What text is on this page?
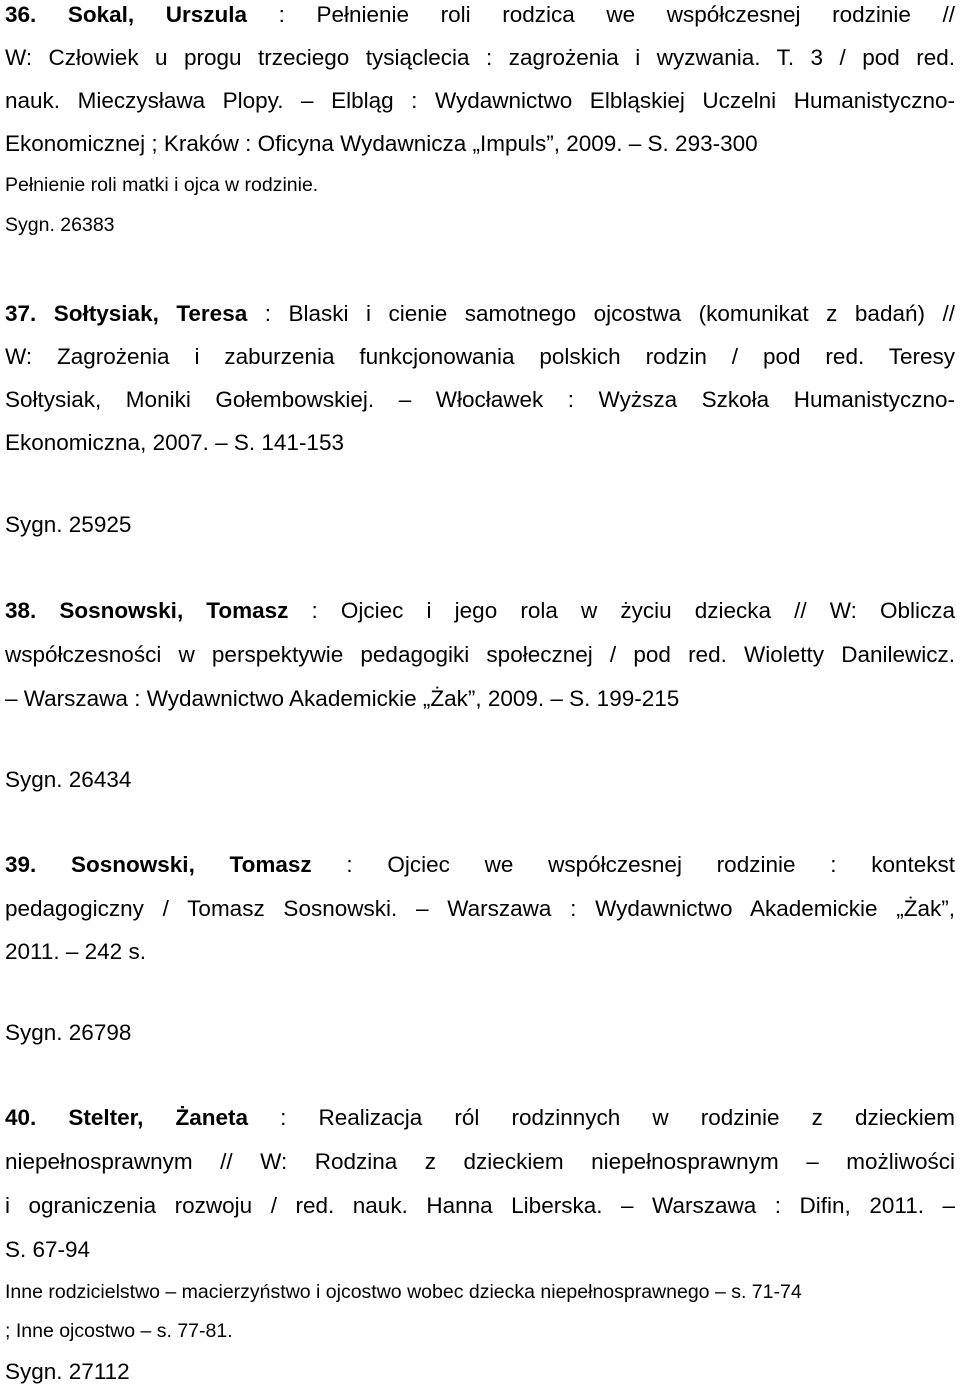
36. Sokal, Urszula : Pełnienie roli rodzica we współczesnej rodzinie //
W: Człowiek u progu trzeciego tysiąclecia : zagrożenia i wyzwania. T. 3 / pod red.
nauk. Mieczysława Plopy. – Elbląg : Wydawnictwo Elbląskiej Uczelni Humanistyczno-
Ekonomicznej ; Kraków : Oficyna Wydawnicza „Impuls”, 2009. – S. 293-300
Pełnienie roli matki i ojca w rodzinie.
Sygn. 26383
37. Sołtysiak, Teresa : Blaski i cienie samotnego ojcostwa (komunikat z badań) //
W: Zagrożenia i zaburzenia funkcjonowania polskich rodzin / pod red. Teresy
Sołtysiak, Moniki Gołembowskiej. – Włocławek : Wyższa Szkoła Humanistyczno-
Ekonomiczna, 2007. – S. 141-153
Sygn. 25925
38. Sosnowski, Tomasz : Ojciec i jego rola w życiu dziecka // W: Oblicza
współczesności w perspektywie pedagogiki społecznej / pod red. Wioletty Danilewicz.
– Warszawa : Wydawnictwo Akademickie „Żak”, 2009. – S. 199-215
Sygn. 26434
39. Sosnowski, Tomasz : Ojciec we współczesnej rodzinie : kontekst
pedagogiczny / Tomasz Sosnowski. – Warszawa : Wydawnictwo Akademickie „Żak”,
2011. – 242 s.
Sygn. 26798
40. Stelter, Żaneta : Realizacja ról rodzinnych w rodzinie z dzieckiem
niepełnosprawnym // W: Rodzina z dzieckiem niepełnosprawnym – możliwości
i ograniczenia rozwoju / red. nauk. Hanna Liberska. – Warszawa : Difin, 2011. –
S. 67-94
Inne rodzicielstwo – macierzyństwo i ojcostwo wobec dziecka niepełnosprawnego – s. 71-74
; Inne ojcostwo – s. 77-81.
Sygn. 27112
